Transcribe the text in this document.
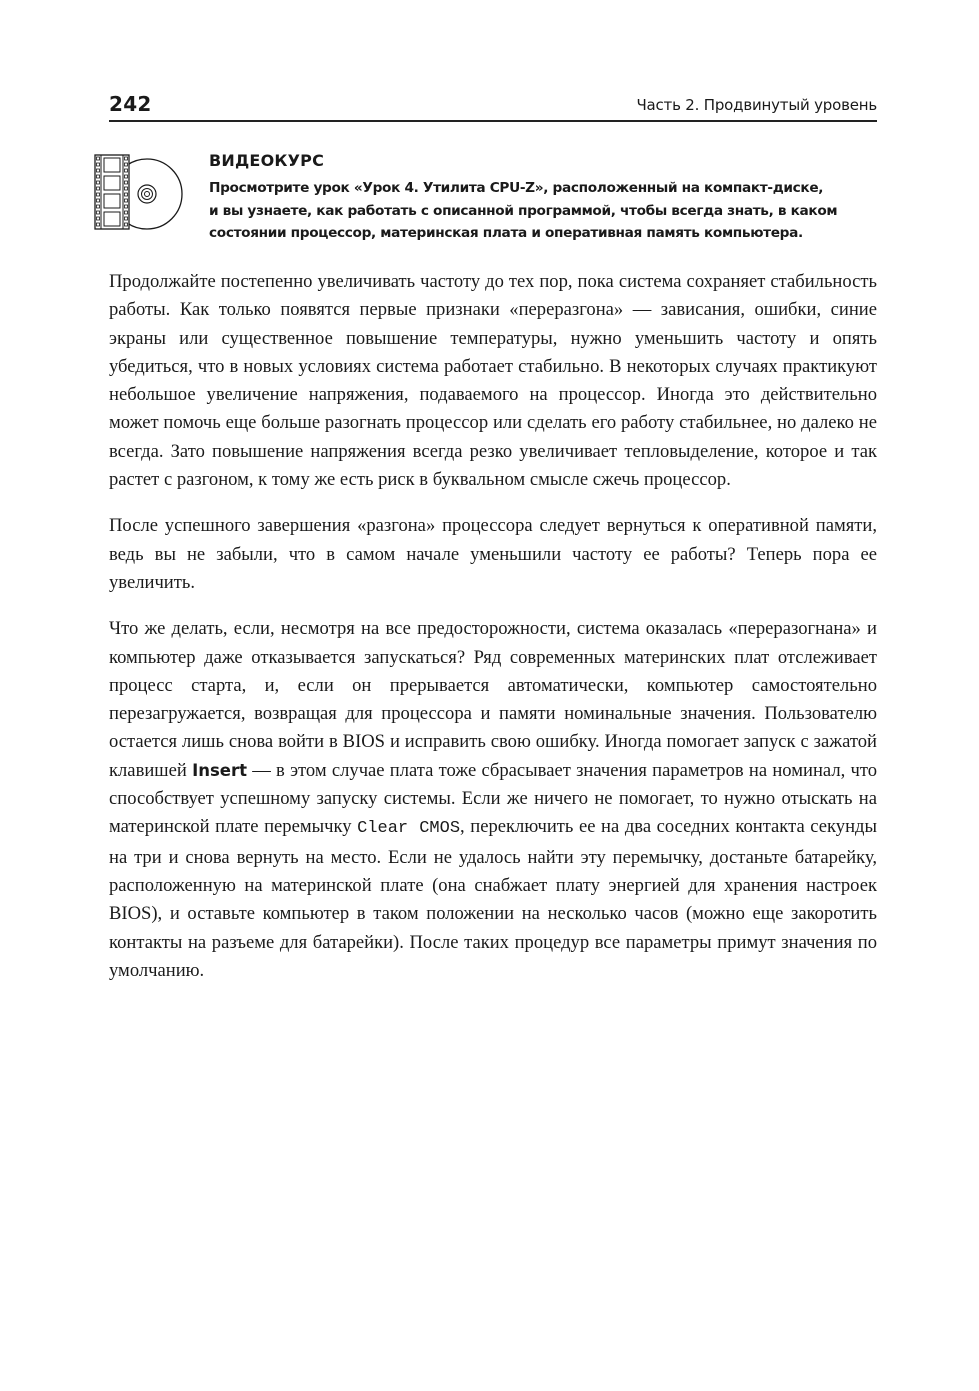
242	Часть 2. Продвинутый уровень
ВИДЕОКУРС

Просмотрите урок «Урок 4. Утилита CPU-Z», расположенный на компакт-диске,
и вы узнаете, как работать с описанной программой, чтобы всегда знать, в каком
состоянии процессор, материнская плата и оперативная память компьютера.

Продолжайте постепенно увеличивать частоту до тех пор, пока система сохраняет стабильность работы. Как только появятся первые признаки «переразгона» — зависания, ошибки, синие экраны или существенное повышение температуры, нужно уменьшить частоту и опять убедиться, что в новых условиях система работает стабильно. В некоторых случаях практикуют небольшое увеличение напряжения, подаваемого на процессор. Иногда это действительно может помочь еще больше разогнать процессор или сделать его работу стабильнее, но далеко не всегда. Зато повышение напряжения всегда резко увеличивает тепловыделение, которое и так растет с разгоном, к тому же есть риск в буквальном смысле сжечь процессор.

После успешного завершения «разгона» процессора следует вернуться к оперативной памяти, ведь вы не забыли, что в самом начале уменьшили частоту ее работы? Теперь пора ее увеличить.

Что же делать, если, несмотря на все предосторожности, система оказалась «переразогнана» и компьютер даже отказывается запускаться? Ряд современных материнских плат отслеживает процесс старта, и, если он прерывается автоматически, компьютер самостоятельно перезагружается, возвращая для процессора и памяти номинальные значения. Пользователю остается лишь снова войти в BIOS и исправить свою ошибку. Иногда помогает запуск с зажатой клавишей Insert — в этом случае плата тоже сбрасывает значения параметров на номинал, что способствует успешному запуску системы. Если же ничего не помогает, то нужно отыскать на материнской плате перемычку Clear CMOS, переключить ее на два соседних контакта секунды на три и снова вернуть на место. Если не удалось найти эту перемычку, достаньте батарейку, расположенную на материнской плате (она снабжает плату энергией для хранения настроек BIOS), и оставьте компьютер в таком положении на несколько часов (можно еще закоротить контакты на разъеме для батарейки). После таких процедур все параметры примут значения по умолчанию.
